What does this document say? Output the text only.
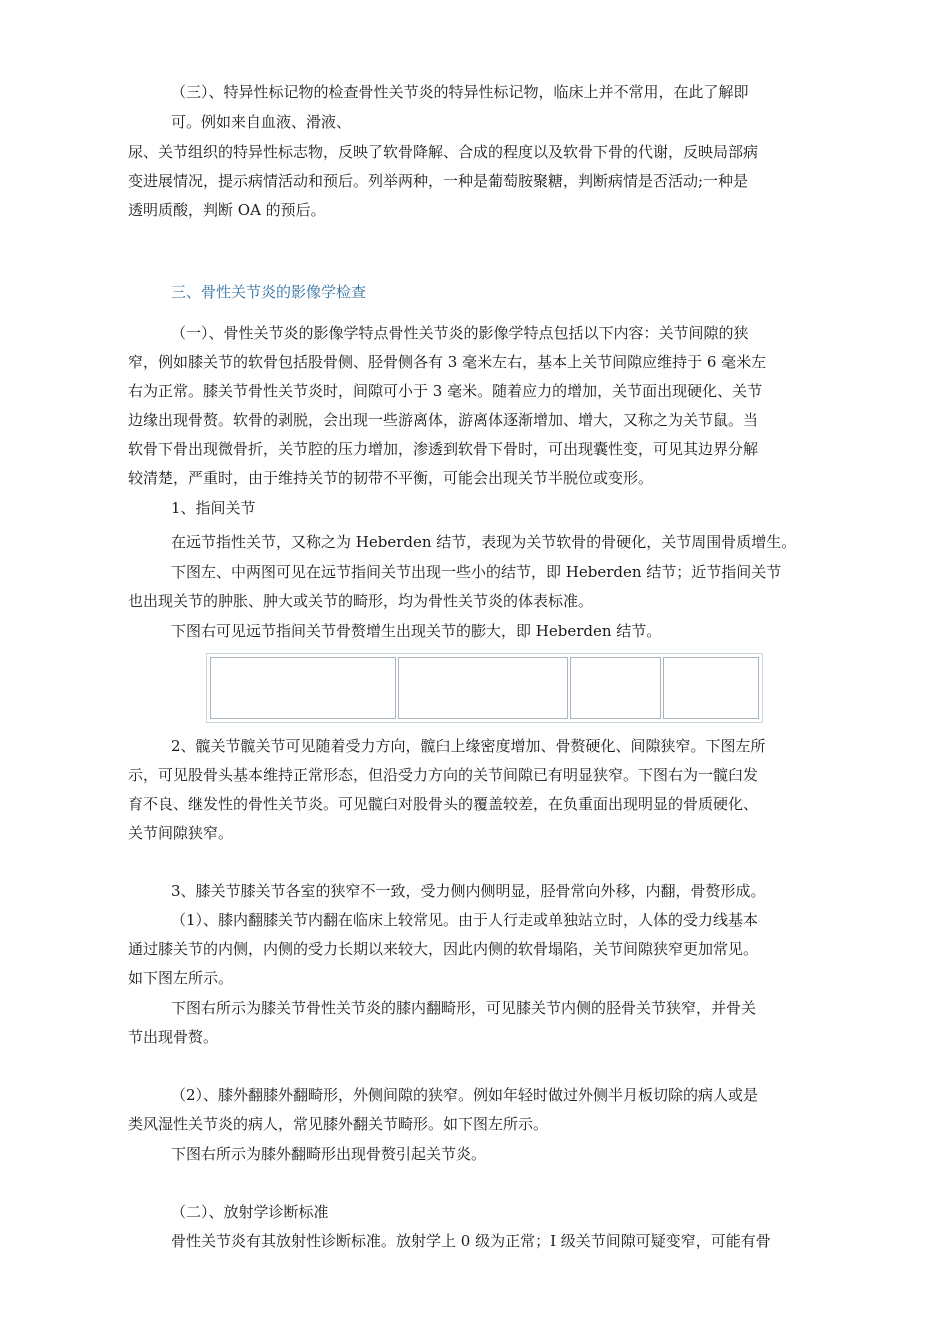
（三）、特异性标记物的检查骨性关节炎的特异性标记物，临床上并不常用，在此了解即
可。例如来自血液、滑液、
尿、关节组织的特异性标志物，反映了软骨降解、合成的程度以及软骨下骨的代谢，反映局部病
变进展情况，提示病情活动和预后。列举两种，一种是葡萄胺聚糖，判断病情是否活动;一种是
透明质酸，判断 OA 的预后。
三、骨性关节炎的影像学检查
（一）、骨性关节炎的影像学特点骨性关节炎的影像学特点包括以下内容：关节间隙的狭
窄，例如膝关节的软骨包括股骨侧、胫骨侧各有 3 毫米左右，基本上关节间隙应维持于 6 毫米左
右为正常。膝关节骨性关节炎时，间隙可小于 3 毫米。随着应力的增加，关节面出现硬化、关节
边缘出现骨赘。软骨的剥脱，会出现一些游离体，游离体逐渐增加、增大，又称之为关节鼠。当
软骨下骨出现微骨折，关节腔的压力增加，渗透到软骨下骨时，可出现囊性变，可见其边界分解
较清楚，严重时，由于维持关节的韧带不平衡，可能会出现关节半脱位或变形。
1、指间关节
在远节指性关节，又称之为 Heberden 结节，表现为关节软骨的骨硬化，关节周围骨质增生。
下图左、中两图可见在远节指间关节出现一些小的结节，即 Heberden 结节；近节指间关节
也出现关节的肿胀、肿大或关节的畸形，均为骨性关节炎的体表标准。
下图右可见远节指间关节骨赘增生出现关节的膨大，即 Heberden 结节。
2、髋关节髋关节可见随着受力方向，髋臼上缘密度增加、骨赘硬化、间隙狭窄。下图左所
示，可见股骨头基本维持正常形态，但沿受力方向的关节间隙已有明显狭窄。下图右为一髋臼发
育不良、继发性的骨性关节炎。可见髋臼对股骨头的覆盖较差，在负重面出现明显的骨质硬化、
关节间隙狭窄。
3、膝关节膝关节各室的狭窄不一致，受力侧内侧明显，胫骨常向外移，内翻，骨赘形成。
（1）、膝内翻膝关节内翻在临床上较常见。由于人行走或单独站立时，人体的受力线基本
通过膝关节的内侧，内侧的受力长期以来较大，因此内侧的软骨塌陷，关节间隙狭窄更加常见。
如下图左所示。
下图右所示为膝关节骨性关节炎的膝内翻畸形，可见膝关节内侧的胫骨关节狭窄，并骨关
节出现骨赘。
（2）、膝外翻膝外翻畸形，外侧间隙的狭窄。例如年轻时做过外侧半月板切除的病人或是
类风湿性关节炎的病人，常见膝外翻关节畸形。如下图左所示。
下图右所示为膝外翻畸形出现骨赘引起关节炎。
（二）、放射学诊断标准
骨性关节炎有其放射性诊断标准。放射学上 0 级为正常；I 级关节间隙可疑变窄，可能有骨
